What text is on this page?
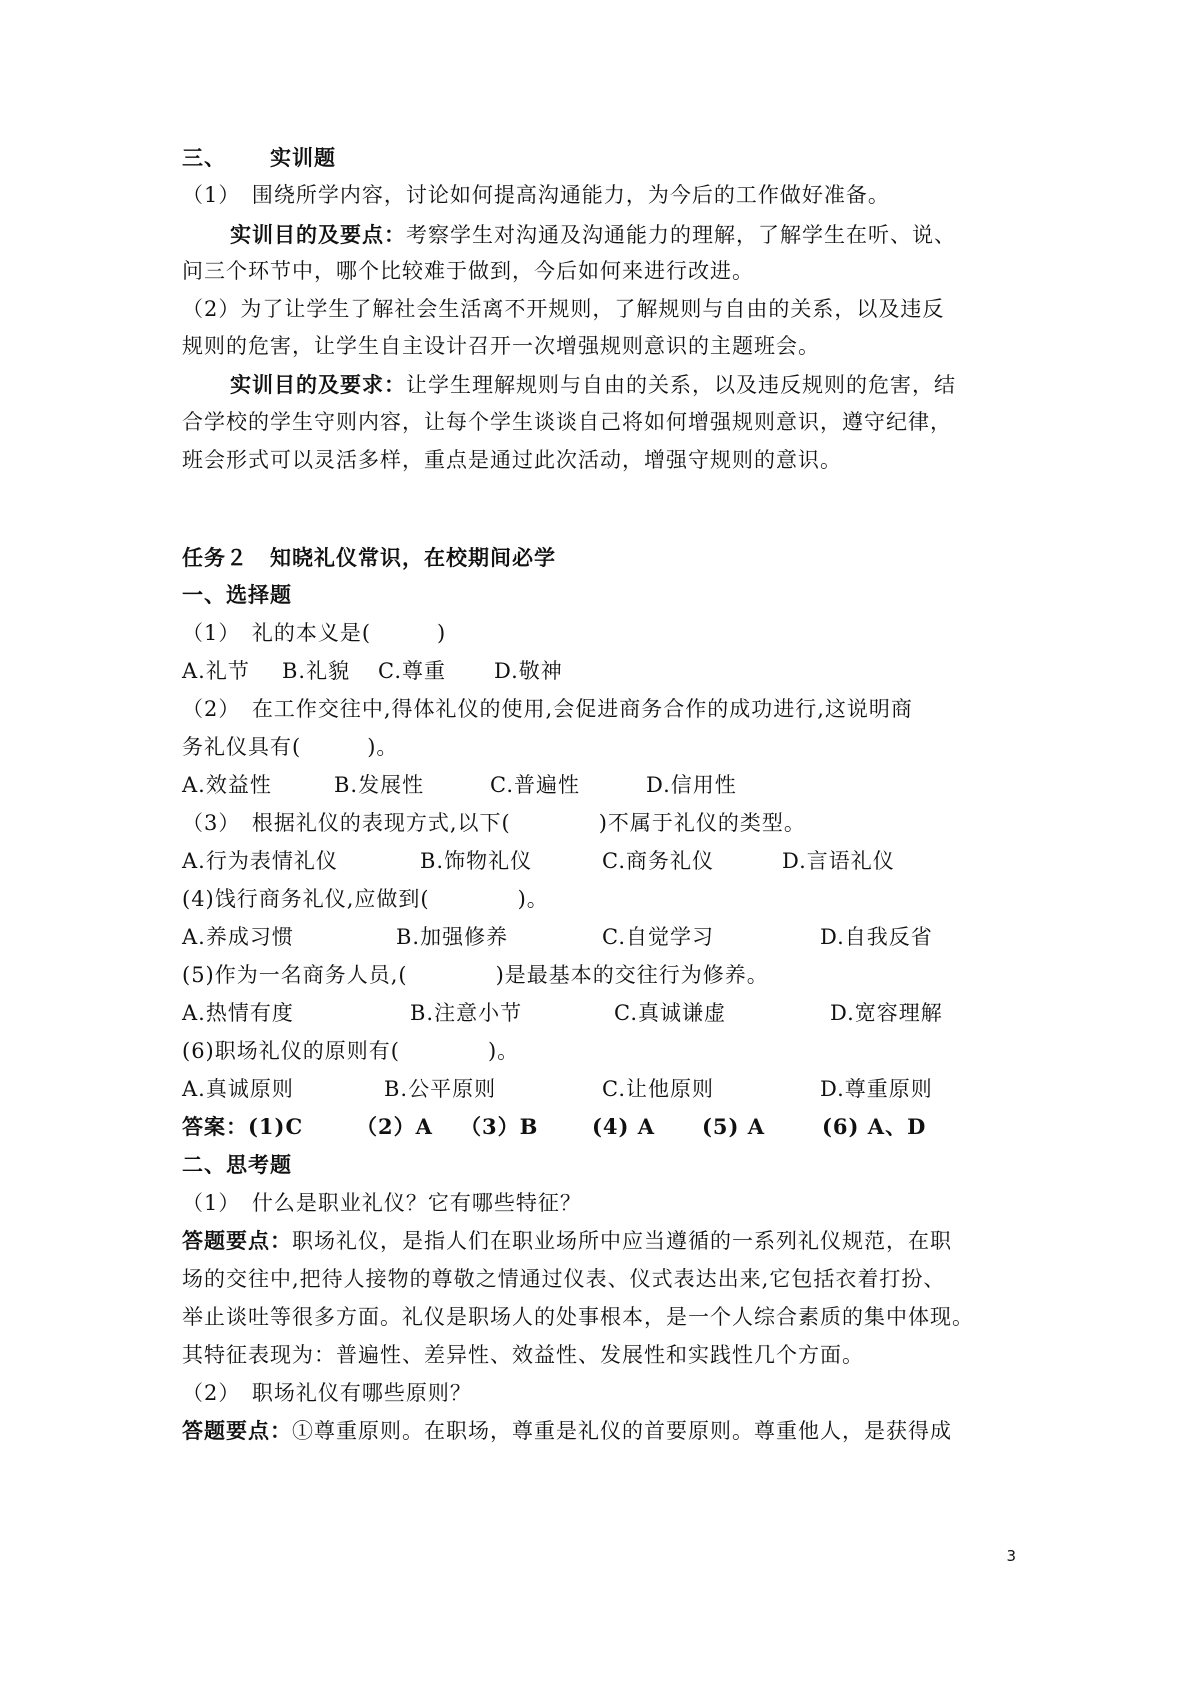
三、 实训题
（1）　围绕所学内容，讨论如何提高沟通能力，为今后的工作做好准备。
实训目的及要点：考察学生对沟通及沟通能力的理解，了解学生在听、说、
问三个环节中，哪个比较难于做到，今后如何来进行改进。
（2）为了让学生了解社会生活离不开规则，了解规则与自由的关系，以及违反
规则的危害，让学生自主设计召开一次增强规则意识的主题班会。
实训目的及要求：让学生理解规则与自由的关系，以及违反规则的危害，结
合学校的学生守则内容，让每个学生谈谈自己将如何增强规则意识，遵守纪律，
班会形式可以灵活多样，重点是通过此次活动，增强守规则的意识。
任务２　知晓礼仪常识，在校期间必学
一、选择题
（1）　礼的本义是(　　　)
A.礼节 B.礼貌 C.尊重 D.敬神
（2）　在工作交往中,得体礼仪的使用,会促进商务合作的成功进行,这说明商
务礼仪具有(　　　)。
A.效益性	B.发展性	C.普遍性	D.信用性
（3）　根据礼仪的表现方式,以下(　　　　)不属于礼仪的类型。
A.行为表情礼仪	B.饰物礼仪	C.商务礼仪	D.言语礼仪
(4)饯行商务礼仪,应做到(　　　　)。
A.养成习惯	B.加强修养	C.自觉学习	D.自我反省
(5)作为一名商务人员,(　　　　)是最基本的交往行为修养。
A.热情有度	B.注意小节	C.真诚谦虚	D.宽容理解
(6)职场礼仪的原则有(　　　　)。
A.真诚原则	B.公平原则	C.让他原则	D.尊重原则
答案： (1)C	（2）A （3）B	(4) A (5) A	(6) A、D
二、思考题
（1）　什么是职业礼仪？它有哪些特征？
答题要点：职场礼仪，是指人们在职业场所中应当遵循的一系列礼仪规范，在职
场的交往中,把待人接物的尊敬之情通过仪表、仪式表达出来,它包括衣着打扮、
举止谈吐等很多方面。礼仪是职场人的处事根本，是一个人综合素质的集中体现。
其特征表现为：普遍性、差异性、效益性、发展性和实践性几个方面。
（2）　职场礼仪有哪些原则？
答题要点：①尊重原则。在职场，尊重是礼仪的首要原则。尊重他人，是获得成
3
